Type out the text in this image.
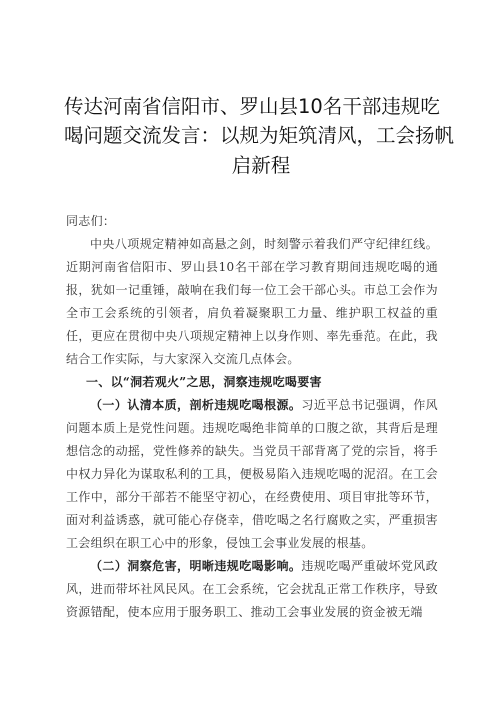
传达河南省信阳市、罗山县10名干部违规吃
喝问题交流发言：以规为矩筑清风，工会扬帆
启新程

同志们：

中央八项规定精神如高悬之剑，时刻警示着我们严守纪律红线。近期河南省信阳市、罗山县10名干部在学习教育期间违规吃喝的通报，犹如一记重锤，敲响在我们每一位工会干部心头。市总工会作为全市工会系统的引领者，肩负着凝聚职工力量、维护职工权益的重任，更应在贯彻中央八项规定精神上以身作则、率先垂范。在此，我结合工作实际，与大家深入交流几点体会。

一、以“洞若观火”之思，洞察违规吃喝要害

（一）认清本质，剖析违规吃喝根源。习近平总书记强调，作风问题本质上是党性问题。违规吃喝绝非简单的口腹之欲，其背后是理想信念的动摇，党性修养的缺失。当党员干部背离了党的宗旨，将手中权力异化为谋取私利的工具，便极易陷入违规吃喝的泥沼。在工会工作中，部分干部若不能坚守初心，在经费使用、项目审批等环节，面对利益诱惑，就可能心存侥幸，借吃喝之名行腐败之实，严重损害工会组织在职工心中的形象，侵蚀工会事业发展的根基。

（二）洞察危害，明晰违规吃喝影响。违规吃喝严重破坏党风政风，进而带坏社风民风。在工会系统，它会扰乱正常工作秩序，导致资源错配，使本应用于服务职工、推动工会事业发展的资金被无端
